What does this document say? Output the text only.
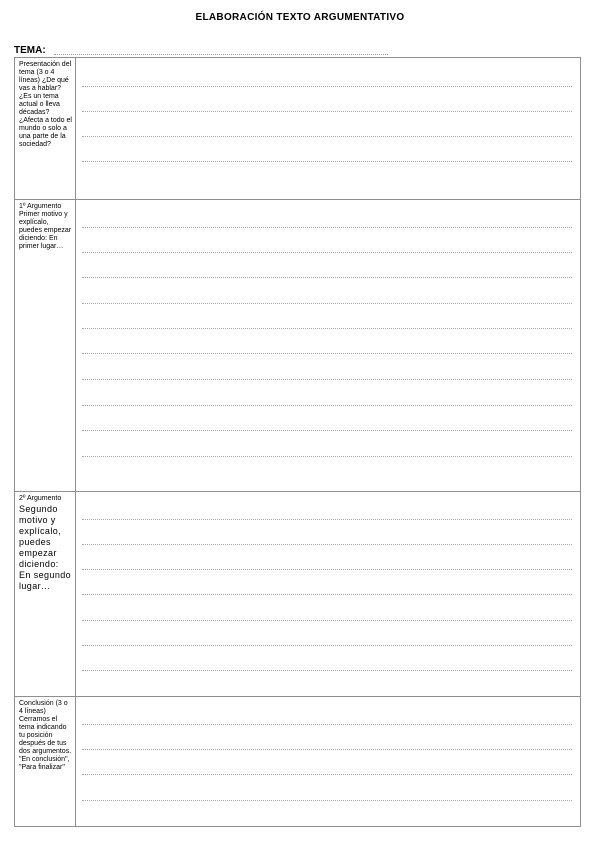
ELABORACIÓN TEXTO ARGUMENTATIVO
TEMA:
Presentación del tema (3 o 4 líneas) ¿De qué vas a hablar? ¿Es un tema actual o lleva décadas? ¿Afecta a todo el mundo o solo a una parte de la sociedad?
1º Argumento Primer motivo y explícalo, puedes empezar diciendo: En primer lugar…
2º Argumento
Segundo motivo y explícalo, puedes empezar diciendo: En segundo lugar…
Conclusión (3 o 4 líneas) Cerramos el tema indicando tu posición después de tus dos argumentos. "En conclusión", "Para finalizar"
